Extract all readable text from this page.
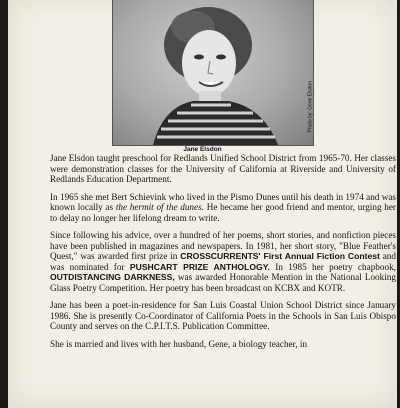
Photo by: Gene Elsdon
Jane Elsdon

Jane Elsdon taught preschool for Redlands Unified School District from 1965-70. Her classes were demonstration classes for the University of California at Riverside and University of Redlands Education Department.

In 1965 she met Bert Schievink who lived in the Pismo Dunes until his death in 1974 and was known locally as the hermit of the dunes. He became her good friend and mentor, urging her to delay no longer her lifelong dream to write.

Since following his advice, over a hundred of her poems, short stories, and nonfiction pieces have been published in magazines and newspapers. In 1981, her short story, "Blue Feather's Quest," was awarded first prize in CROSSCURRENTS' First Annual Fiction Contest and was nominated for PUSHCART PRIZE ANTHOLOGY. In 1985 her poetry chapbook, OUTDISTANCING DARKNESS, was awarded Honorable Mention in the National Looking Glass Poetry Competition. Her poetry has been broadcast on KCBX and KOTR.

Jane has been a poet-in-residence for San Luis Coastal Union School District since January 1986. She is presently Co-Coordinator of California Poets in the Schools in San Luis Obispo County and serves on the C.P.I.T.S. Publication Committee.

She is married and lives with her husband, Gene, a biology teacher, in
